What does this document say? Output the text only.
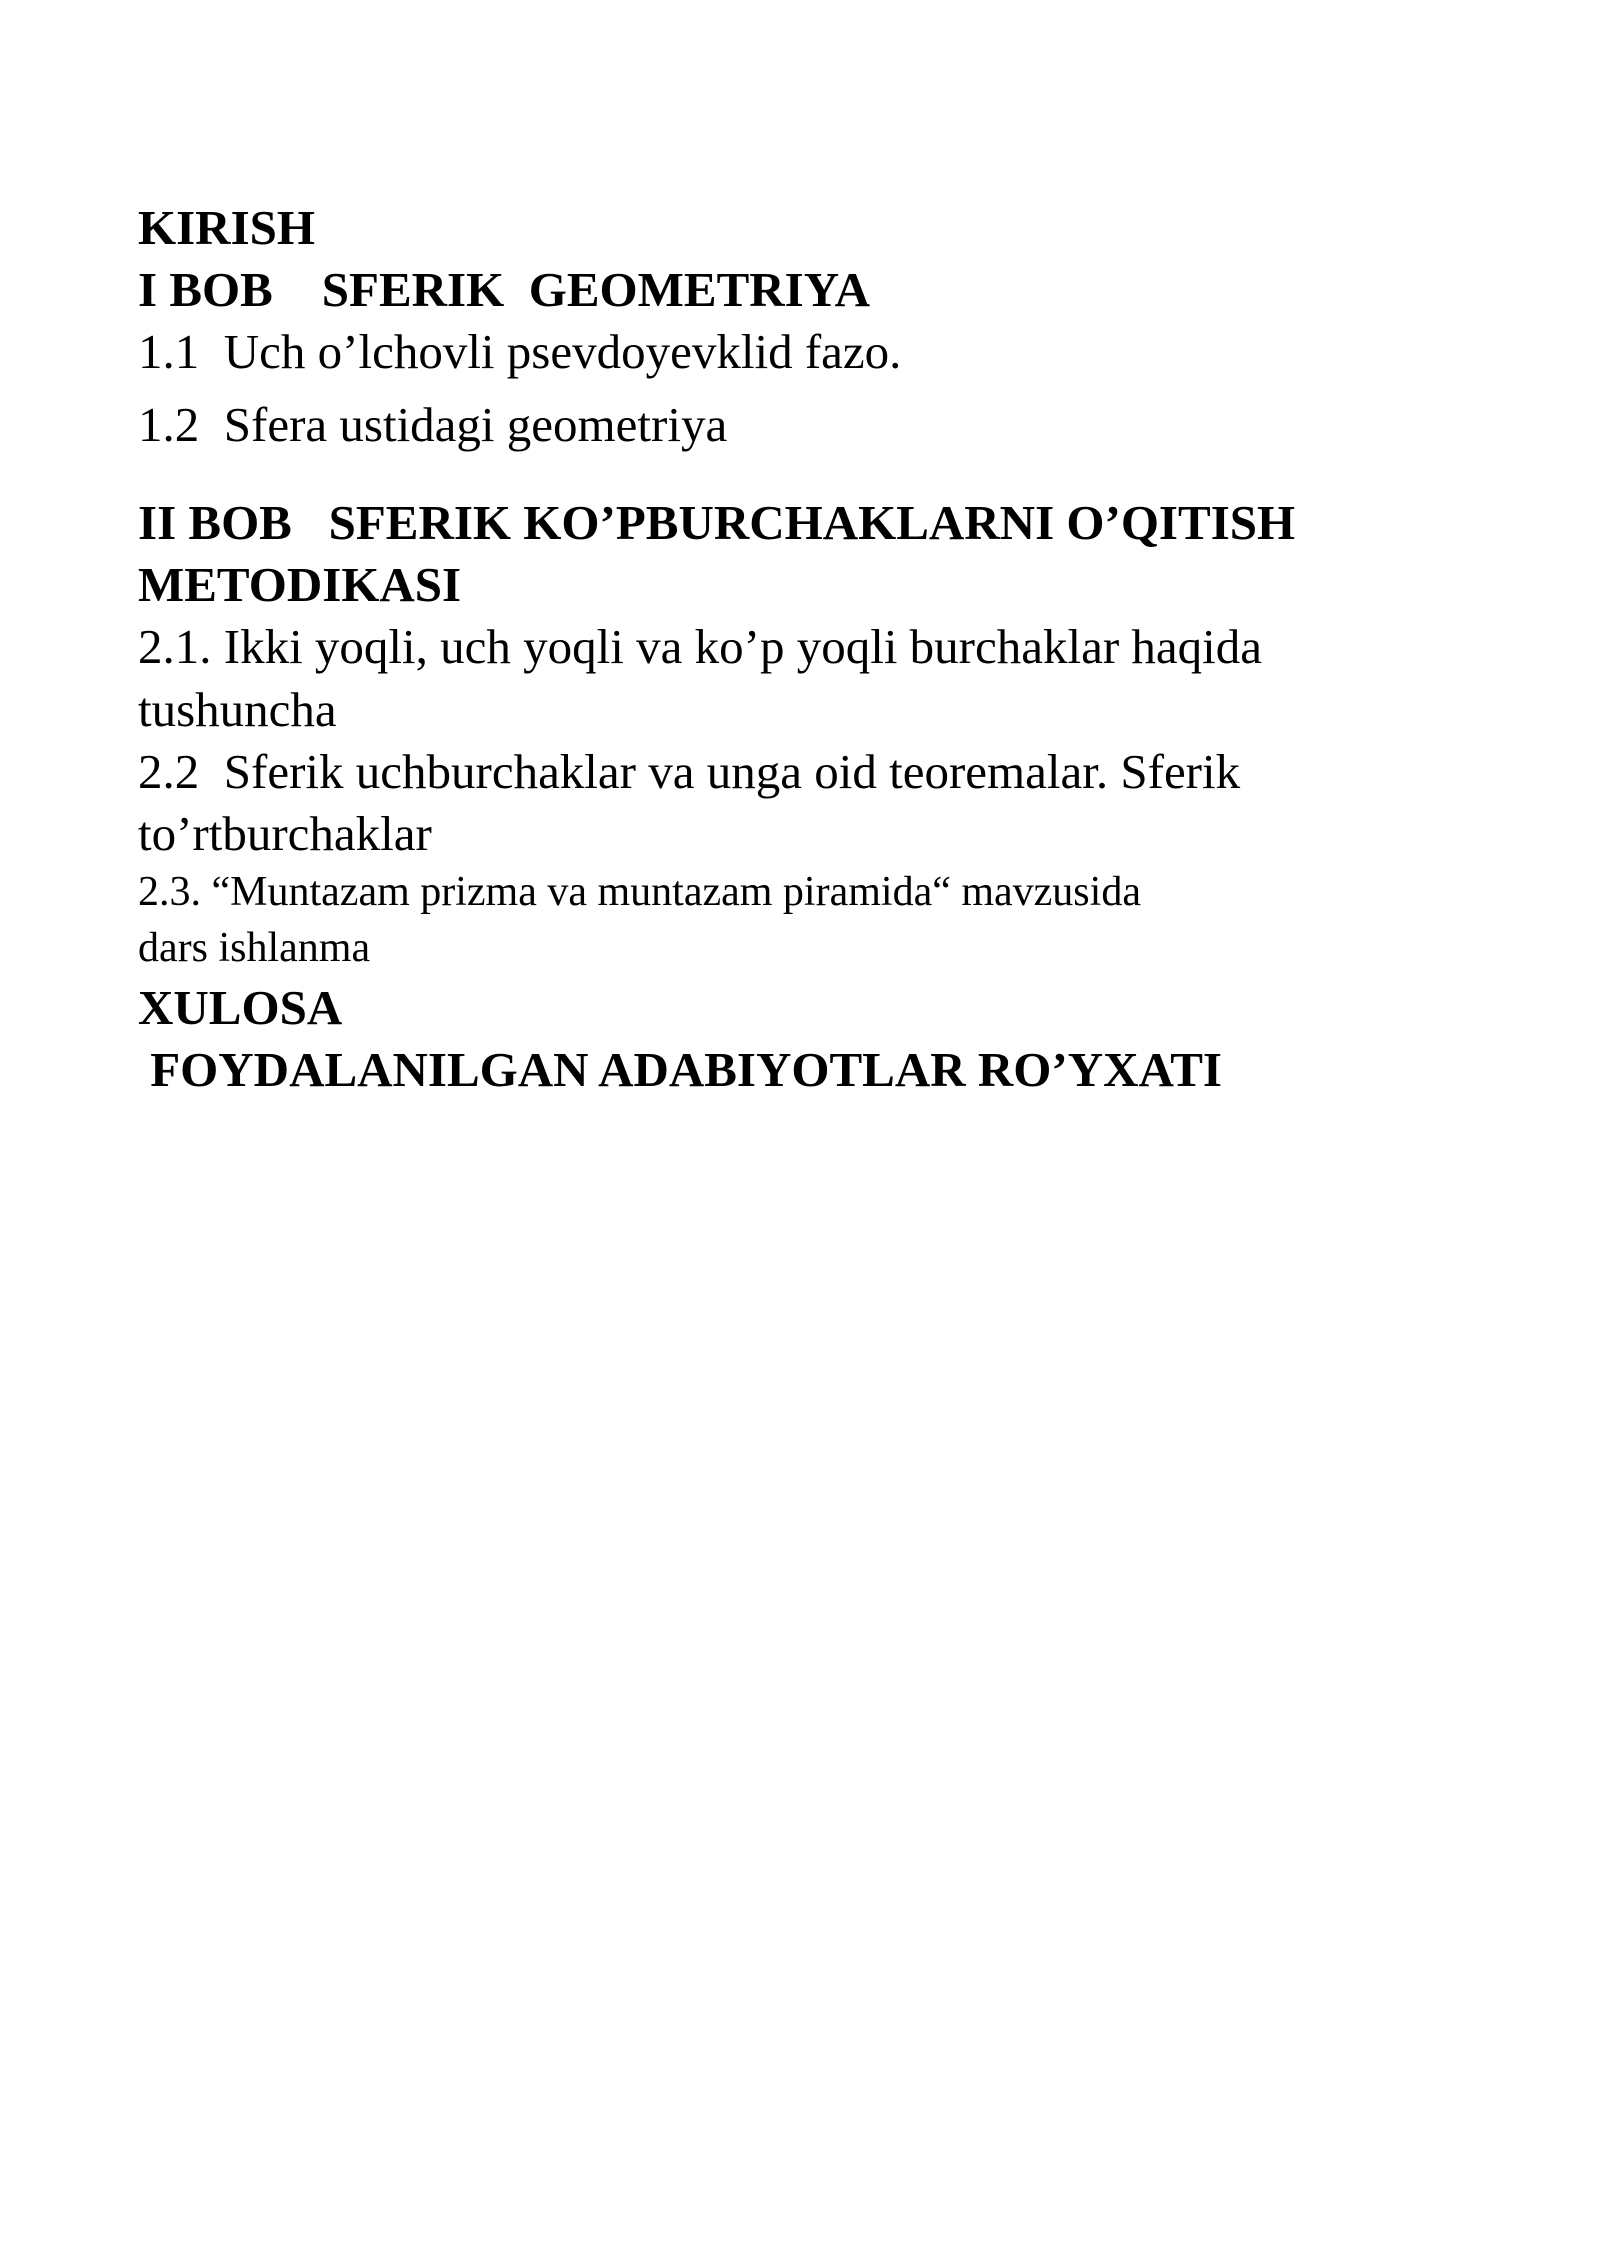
KIRISH
I BOB    SFERIK  GEOMETRIYA
1.1  Uch o’lchovli psevdoyevklid fazo.
1.2  Sfera ustidagi geometriya
II BOB   SFERIK KO’PBURCHAKLARNI O’QITISH
METODIKASI
2.1. Ikki yoqli, uch yoqli va ko’p yoqli burchaklar haqida
tushuncha
2.2  Sferik uchburchaklar va unga oid teoremalar. Sferik
to’rtburchaklar
2.3. “Muntazam prizma va muntazam piramida“ mavzusida
dars ishlanma
XULOSA
FOYDALANILGAN ADABIYOTLAR RO’YXATI
